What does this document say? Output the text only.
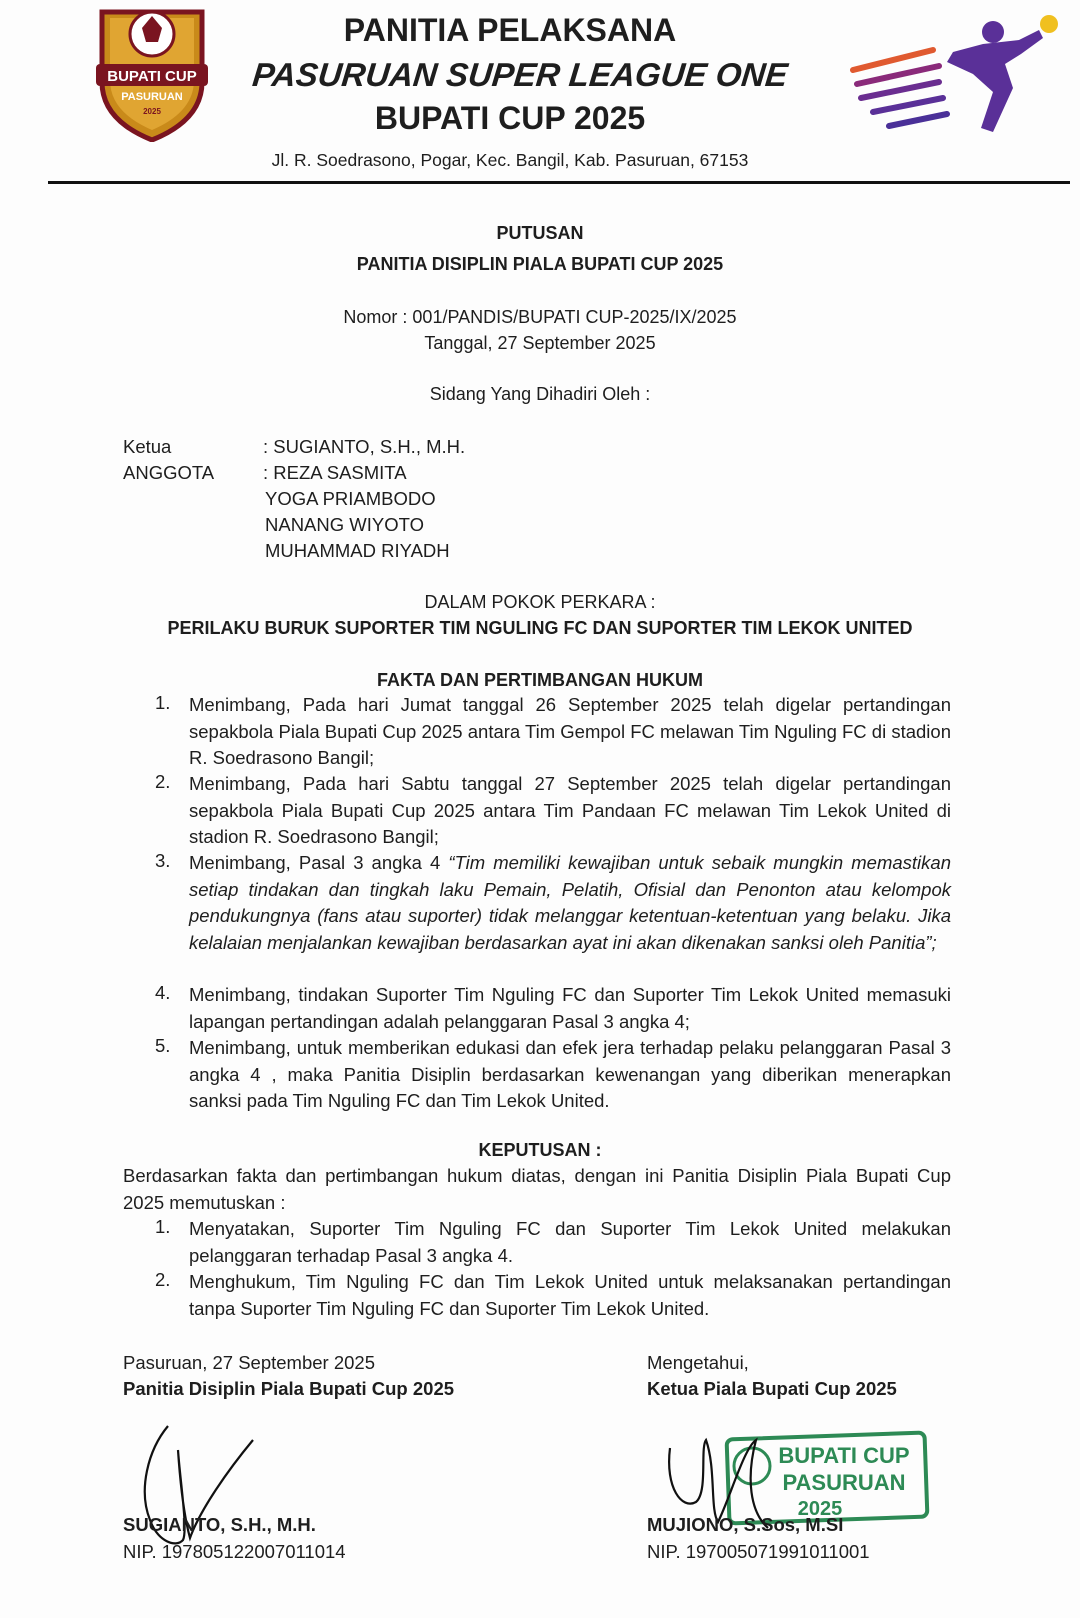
BUPATI CUP
PASURUAN
2025
PANITIA PELAKSANA
PASURUAN SUPER LEAGUE ONE
BUPATI CUP 2025
Jl. R. Soedrasono, Pogar, Kec. Bangil, Kab. Pasuruan, 67153
PUTUSAN
PANITIA DISIPLIN PIALA BUPATI CUP 2025
Nomor : 001/PANDIS/BUPATI CUP-2025/IX/2025
Tanggal, 27 September 2025
Sidang Yang Dihadiri Oleh :
Ketua	: SUGIANTO, S.H., M.H.
ANGGOTA	: REZA SASMITA
YOGA PRIAMBODO
NANANG WIYOTO
MUHAMMAD RIYADH
DALAM POKOK PERKARA :
PERILAKU BURUK SUPORTER TIM NGULING FC DAN SUPORTER TIM LEKOK UNITED
FAKTA DAN PERTIMBANGAN HUKUM
1. Menimbang, Pada hari Jumat tanggal 26 September 2025 telah digelar pertandingan sepakbola Piala Bupati Cup 2025 antara Tim Gempol FC melawan Tim Nguling FC di stadion R. Soedrasono Bangil;
2. Menimbang, Pada hari Sabtu tanggal 27 September 2025 telah digelar pertandingan sepakbola Piala Bupati Cup 2025 antara Tim Pandaan FC melawan Tim Lekok United di stadion R. Soedrasono Bangil;
3. Menimbang, Pasal 3 angka 4 “Tim memiliki kewajiban untuk sebaik mungkin memastikan setiap tindakan dan tingkah laku Pemain, Pelatih, Ofisial dan Penonton atau kelompok pendukungnya (fans atau suporter) tidak melanggar ketentuan-ketentuan yang belaku. Jika kelalaian menjalankan kewajiban berdasarkan ayat ini akan dikenakan sanksi oleh Panitia”;
4. Menimbang, tindakan Suporter Tim Nguling FC dan Suporter Tim Lekok United memasuki lapangan pertandingan adalah pelanggaran Pasal 3 angka 4;
5. Menimbang, untuk memberikan edukasi dan efek jera terhadap pelaku pelanggaran Pasal 3 angka 4 , maka Panitia Disiplin berdasarkan kewenangan yang diberikan menerapkan sanksi pada Tim Nguling FC dan Tim Lekok United.
KEPUTUSAN :
Berdasarkan fakta dan pertimbangan hukum diatas, dengan ini Panitia Disiplin Piala Bupati Cup 2025 memutuskan :
1. Menyatakan, Suporter Tim Nguling FC dan Suporter Tim Lekok United melakukan pelanggaran terhadap Pasal 3 angka 4.
2. Menghukum, Tim Nguling FC dan Tim Lekok United untuk melaksanakan pertandingan tanpa Suporter Tim Nguling FC dan Suporter Tim Lekok United.
Pasuruan, 27 September 2025
Panitia Disiplin Piala Bupati Cup 2025
Mengetahui,
Ketua Piala Bupati Cup 2025
BUPATI CUP
PASURUAN
2025
SUGIANTO, S.H., M.H.
NIP. 197805122007011014
MUJIONO, S.Sos, M.SI
NIP. 197005071991011001
